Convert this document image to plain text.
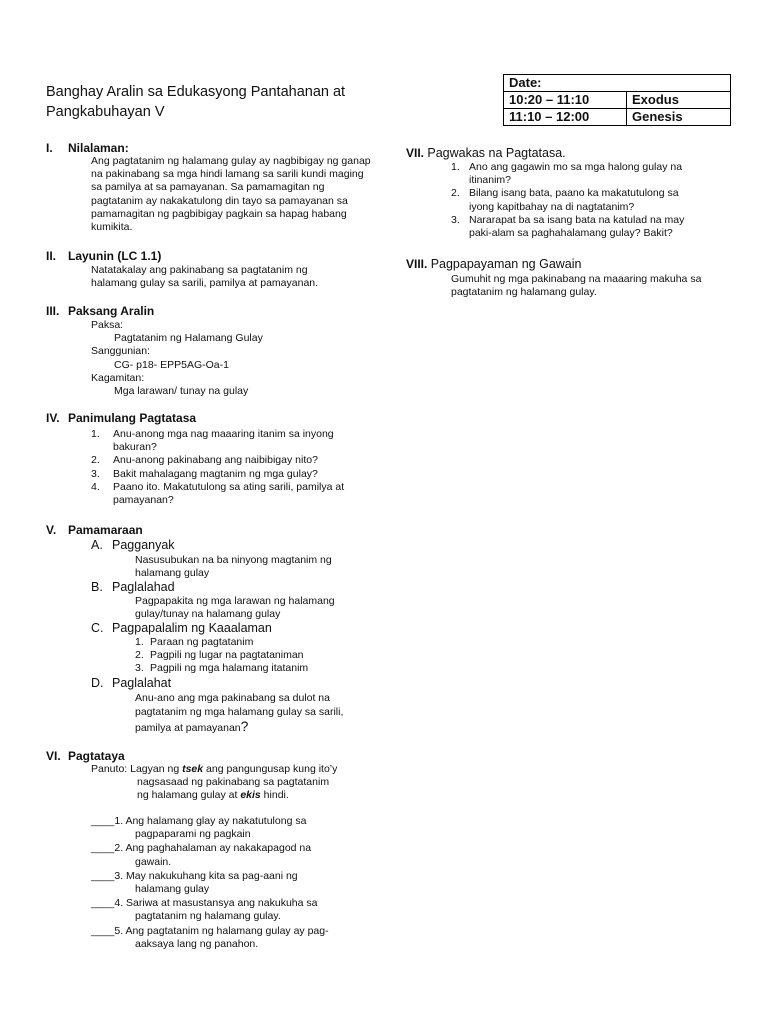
Banghay Aralin sa Edukasyong Pantahanan at
Pangkabuhayan V
Date:	
10:20 – 11:10	Exodus
11:10 – 12:00	Genesis
I. Nilalaman:
Ang pagtatanim ng halamang gulay ay nagbibigay ng ganap na pakinabang sa mga hindi lamang sa sarili kundi maging sa pamilya at sa pamayanan. Sa pamamagitan ng pagtatanim ay nakakatulong din tayo sa pamayanan sa pamamagitan ng pagbibigay pagkain sa hapag habang kumikita.
II. Layunin (LC 1.1)
Natatakalay ang pakinabang sa pagtatanim ng halamang gulay sa sarili, pamilya at pamayanan.
III. Paksang Aralin
Paksa:
Pagtatanim ng Halamang Gulay
Sanggunian:
CG- p18- EPP5AG-Oa-1
Kagamitan:
Mga larawan/ tunay na gulay
IV. Panimulang Pagtatasa
1. Anu-anong mga nag maaaring itanim sa inyong
bakuran?
2. Anu-anong pakinabang ang naibibigay nito?
3. Bakit mahalagang magtanim ng mga gulay?
4. Paano ito. Makatutulong sa ating sarili, pamilya at
pamayanan?
V. Pamamaraan
A. Pagganyak
Nasusubukan na ba ninyong magtanim ng
halamang gulay
B. Paglalahad
Pagpapakita ng mga larawan ng halamang
gulay/tunay na halamang gulay
C. Pagpapalalim ng Kaaalaman
1. Paraan ng pagtatanim
2. Pagpili ng lugar na pagtataniman
3. Pagpili ng mga halamang itatanim
D. Paglalahat
Anu-ano ang mga pakinabang sa dulot na
pagtatanim ng mga halamang gulay sa sarili,
pamilya at pamayanan?
VI. Pagtataya
Panuto: Lagyan ng tsek ang pangungusap kung ito’y
nagsasaad ng pakinabang sa pagtatanim
ng halamang gulay at ekis hindi.
____1. Ang halamang glay ay nakatutulong sa
pagpaparami ng pagkain
____2. Ang paghahalaman ay nakakapagod na
gawain.
____3. May nakukuhang kita sa pag-aani ng
halamang gulay
____4. Sariwa at masustansya ang nakukuha sa
pagtatanim ng halamang gulay.
____5. Ang pagtatanim ng halamang gulay ay pag-
aaksaya lang ng panahon.
VII. Pagwakas na Pagtatasa.
1. Ano ang gagawin mo sa mga halong gulay na
itinanim?
2. Bilang isang bata, paano ka makatutulong sa
iyong kapitbahay na di nagtatanim?
3. Nararapat ba sa isang bata na katulad na may
paki-alam sa paghahalamang gulay? Bakit?
VIII. Pagpapayaman ng Gawain
Gumuhit ng mga pakinabang na maaaring makuha sa
pagtatanim ng halamang gulay.
